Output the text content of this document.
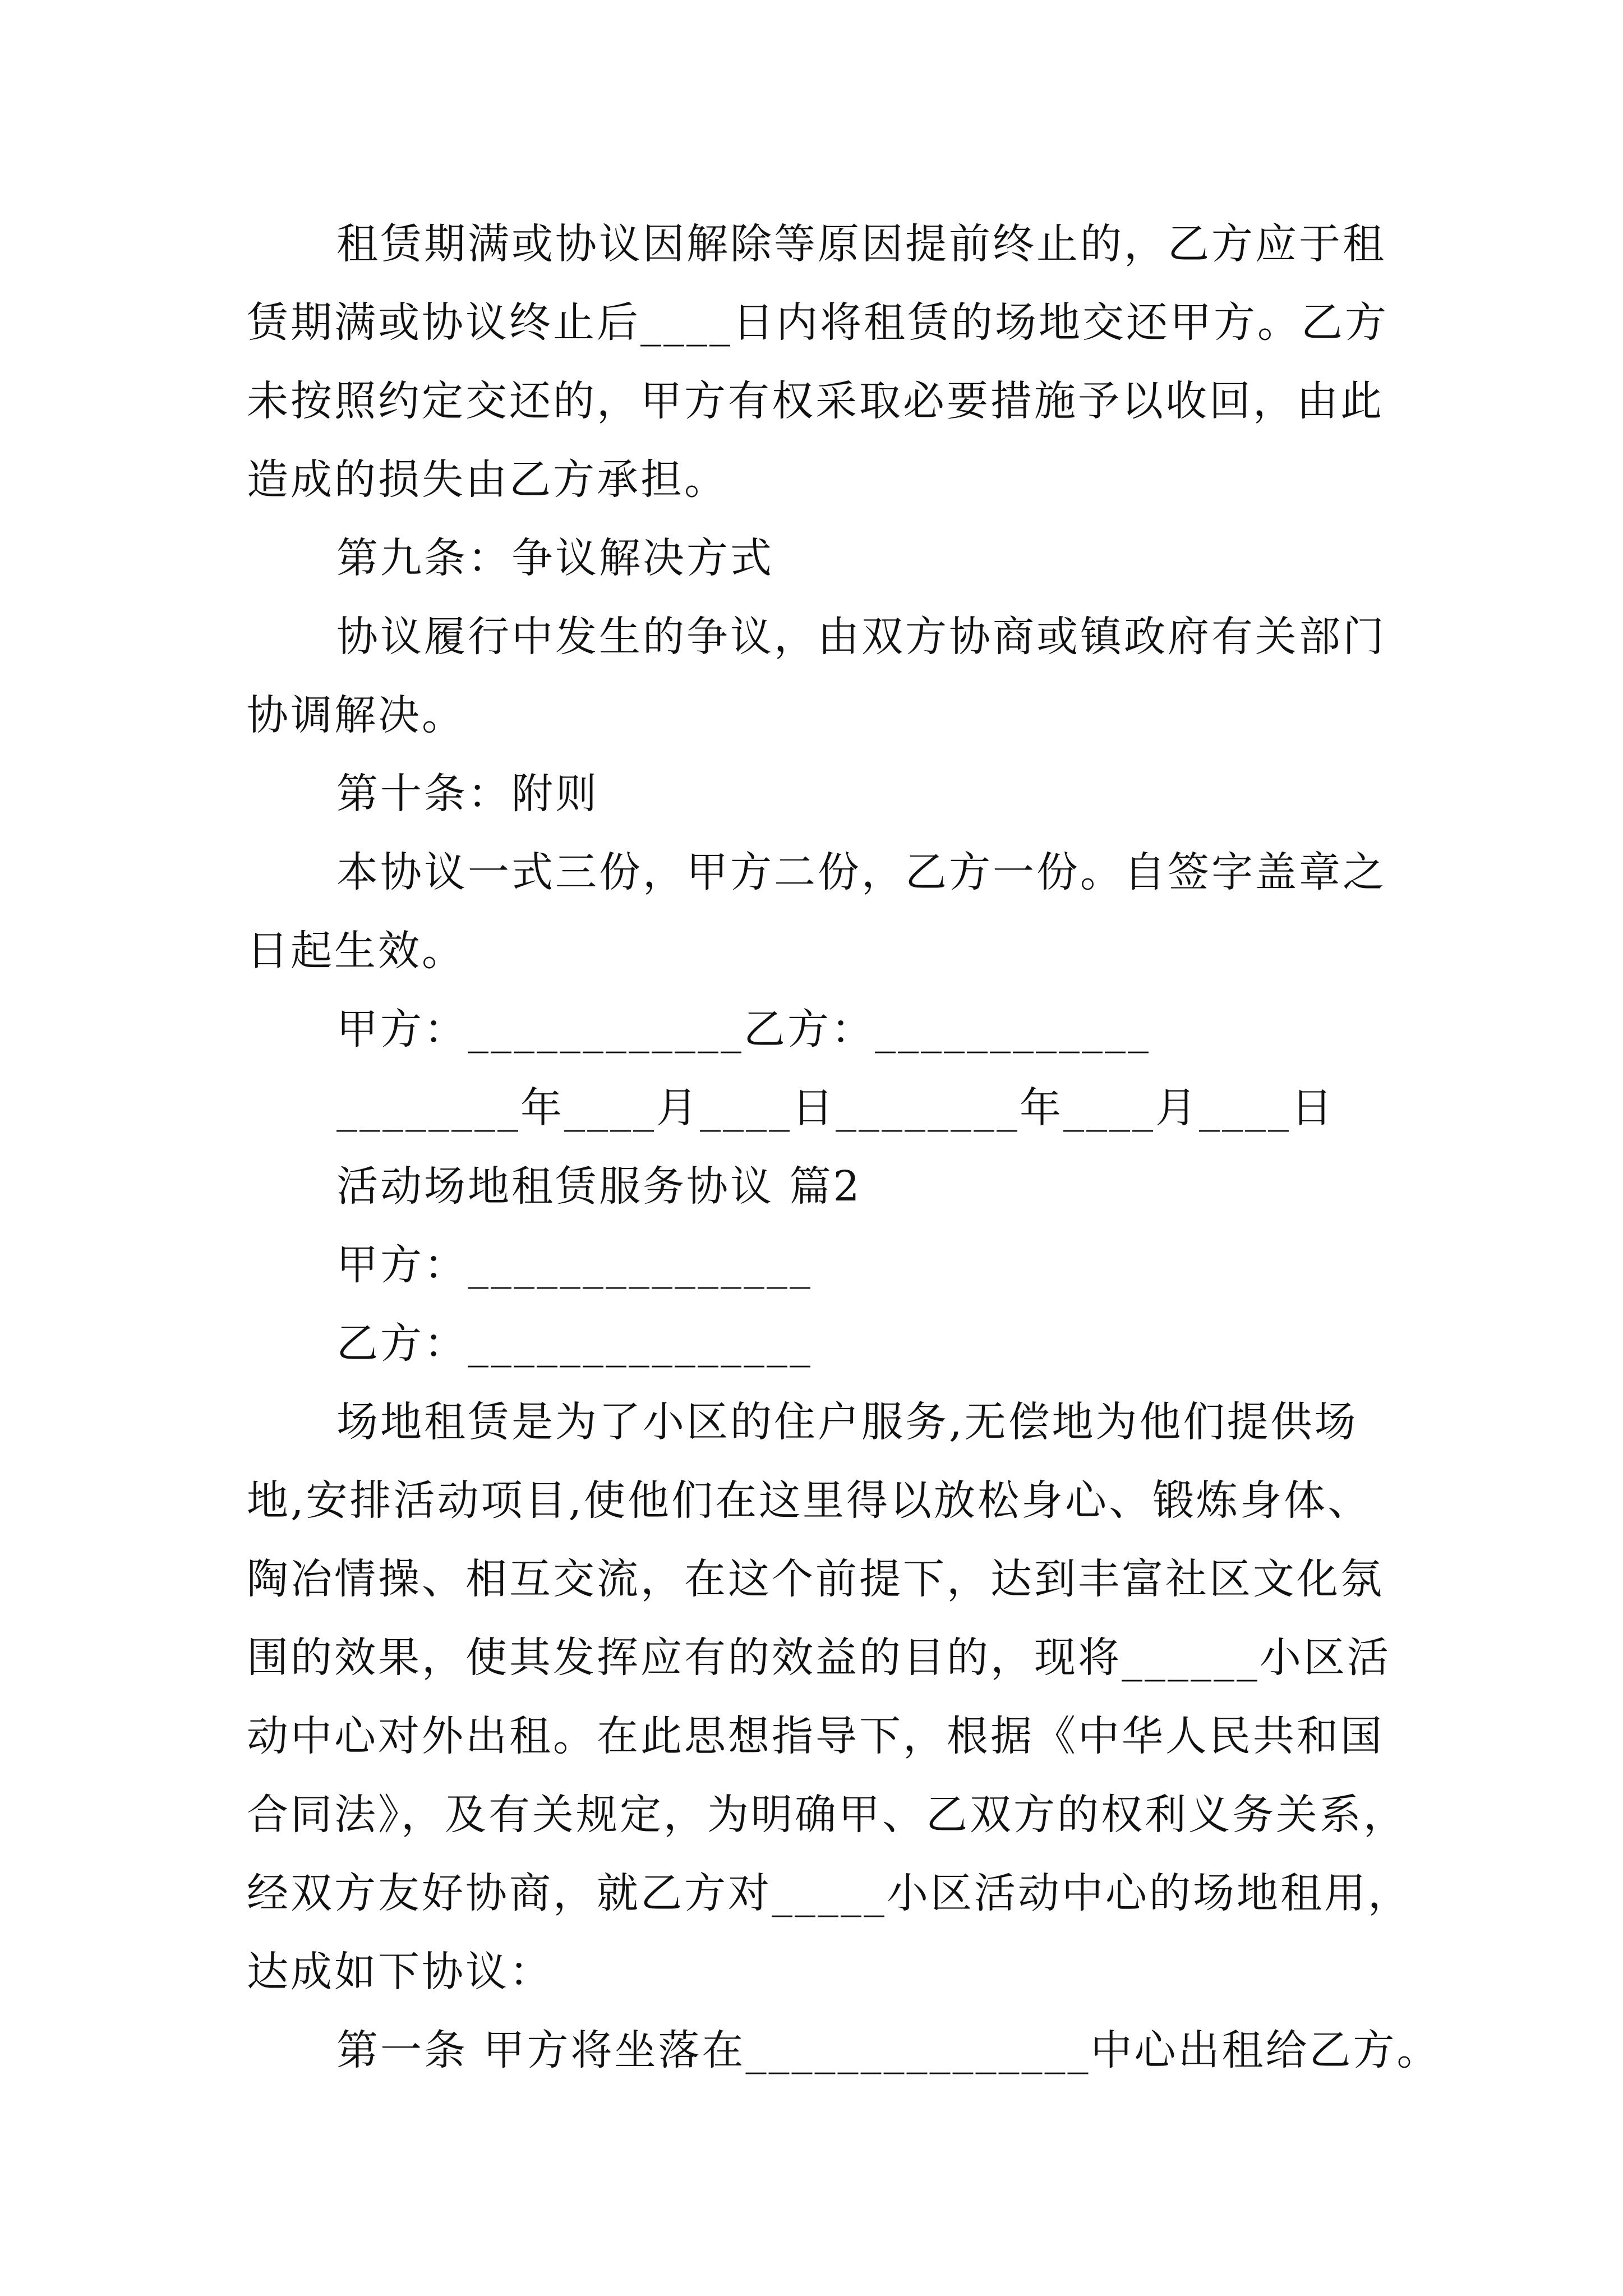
租赁期满或协议因解除等原因提前终止的，乙方应于租
赁期满或协议终止后____日内将租赁的场地交还甲方。乙方
未按照约定交还的，甲方有权采取必要措施予以收回，由此
造成的损失由乙方承担。
第九条：争议解决方式
协议履行中发生的争议，由双方协商或镇政府有关部门
协调解决。
第十条：附则
本协议一式三份，甲方二份，乙方一份。自签字盖章之
日起生效。
甲方：____________乙方：____________
________年____月____日________年____月____日
活动场地租赁服务协议 篇2
甲方：_______________
乙方：_______________
场地租赁是为了小区的住户服务,无偿地为他们提供场
地,安排活动项目,使他们在这里得以放松身心、锻炼身体、
陶冶情操、相互交流，在这个前提下，达到丰富社区文化氛
围的效果，使其发挥应有的效益的目的，现将______小区活
动中心对外出租。在此思想指导下，根据《中华人民共和国
合同法》，及有关规定，为明确甲、乙双方的权利义务关系，
经双方友好协商，就乙方对_____小区活动中心的场地租用，
达成如下协议：
第一条 甲方将坐落在_______________中心出租给乙方。
